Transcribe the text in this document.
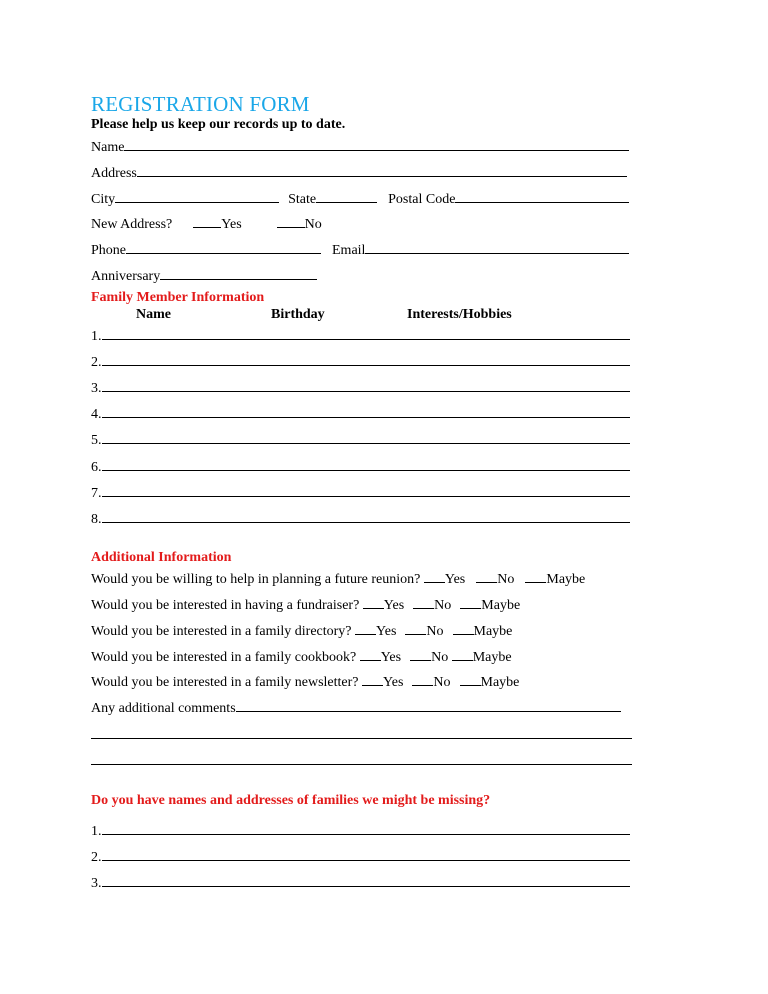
REGISTRATION FORM
Please help us keep our records up to date.
Name
Address
City	State	Postal Code
New Address?	Yes	No
Phone	Email
Anniversary
Family Member Information
Name	Birthday	Interests/Hobbies
1.
2.
3.
4.
5.
6.
7.
8.
Additional Information
Would you be willing to help in planning a future reunion? Yes No Maybe
Would you be interested in having a fundraiser? Yes No Maybe
Would you be interested in a family directory? Yes No Maybe
Would you be interested in a family cookbook? Yes No Maybe
Would you be interested in a family newsletter? Yes No Maybe
Any additional comments
Do you have names and addresses of families we might be missing?
1.
2.
3.
